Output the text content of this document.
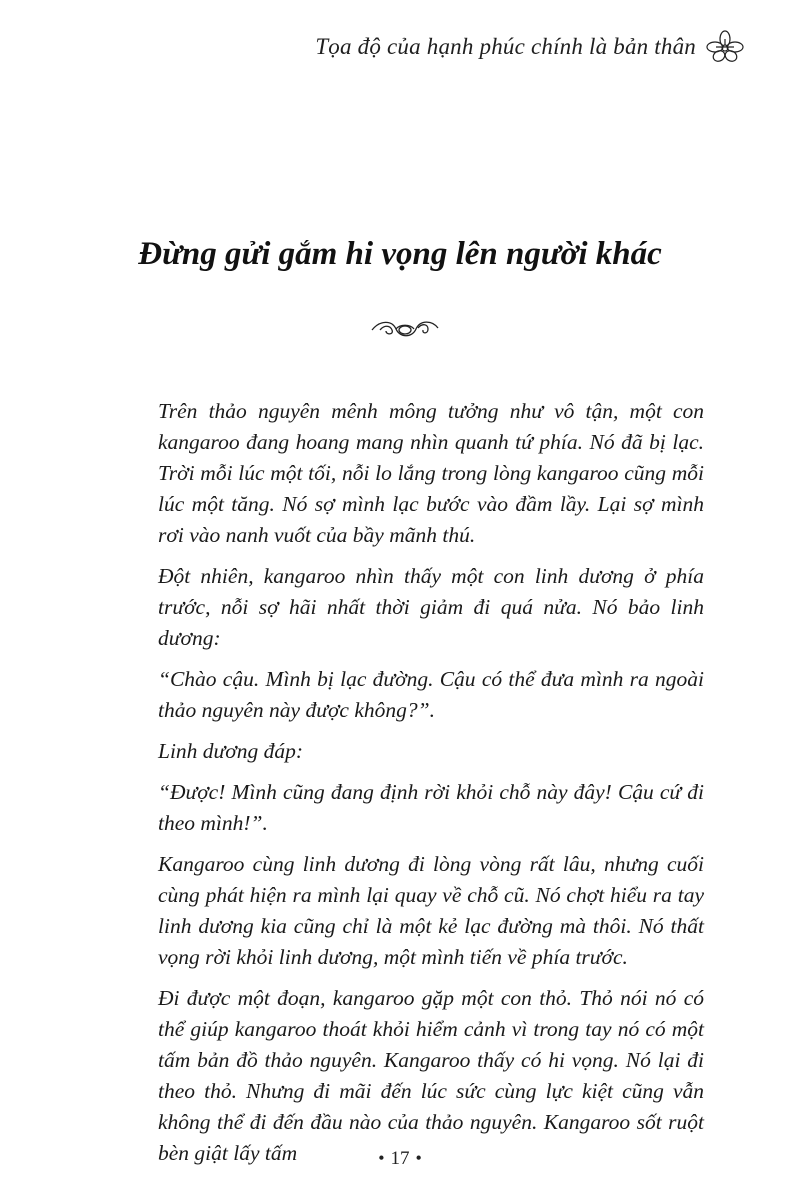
Tọa độ của hạnh phúc chính là bản thân
Đừng gửi gắm hi vọng lên người khác

Trên thảo nguyên mênh mông tưởng như vô tận, một con kangaroo đang hoang mang nhìn quanh tứ phía. Nó đã bị lạc. Trời mỗi lúc một tối, nỗi lo lắng trong lòng kangaroo cũng mỗi lúc một tăng. Nó sợ mình lạc bước vào đầm lầy. Lại sợ mình rơi vào nanh vuốt của bầy mãnh thú.

Đột nhiên, kangaroo nhìn thấy một con linh dương ở phía trước, nỗi sợ hãi nhất thời giảm đi quá nửa. Nó bảo linh dương:

“Chào cậu. Mình bị lạc đường. Cậu có thể đưa mình ra ngoài thảo nguyên này được không?”.

Linh dương đáp:

“Được! Mình cũng đang định rời khỏi chỗ này đây! Cậu cứ đi theo mình!”.

Kangaroo cùng linh dương đi lòng vòng rất lâu, nhưng cuối cùng phát hiện ra mình lại quay về chỗ cũ. Nó chợt hiểu ra tay linh dương kia cũng chỉ là một kẻ lạc đường mà thôi. Nó thất vọng rời khỏi linh dương, một mình tiến về phía trước.

Đi được một đoạn, kangaroo gặp một con thỏ. Thỏ nói nó có thể giúp kangaroo thoát khỏi hiểm cảnh vì trong tay nó có một tấm bản đồ thảo nguyên. Kangaroo thấy có hi vọng. Nó lại đi theo thỏ. Nhưng đi mãi đến lúc sức cùng lực kiệt cũng vẫn không thể đi đến đầu nào của thảo nguyên. Kangaroo sốt ruột bèn giật lấy tấm	• 17 •
